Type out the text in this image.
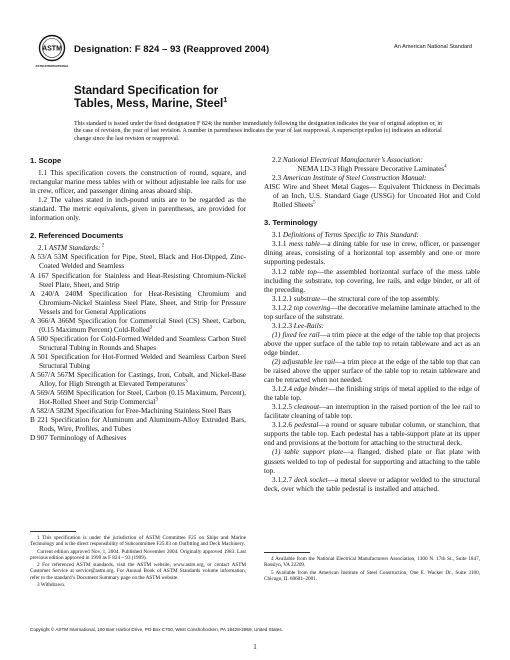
ASTM
ASTM INTERNATIONAL
Designation: F 824 – 93 (Reapproved 2004)	An American National Standard
Standard Specification for
Tables, Mess, Marine, Steel$^1$
This standard is issued under the fixed designation F 824; the number immediately following the designation indicates the year of original adoption or, in the case of revision, the year of last revision. A number in parentheses indicates the year of last reapproval. A superscript epsilon (ε) indicates an editorial change since the last revision or reapproval.

1. Scope

1.1 This specification covers the construction of round, square, and rectangular marine mess tables with or without adjustable lee rails for use in crew, officer, and passenger dining areas aboard ship.

1.2 The values stated in inch-pound units are to be regarded as the standard. The metric equivalents, given in parentheses, are provided for information only.

2. Referenced Documents

2.1 ASTM Standards: $^2$

A 53/A 53M Specification for Pipe, Steel, Black and Hot-Dipped, Zinc-Coated Welded and Seamless

A 167 Specification for Stainless and Heat-Resisting Chromium-Nickel Steel Plate, Sheet, and Strip

A 240/A 240M Specification for Heat-Resisting Chromium and Chromium-Nickel Stainless Steel Plate, Sheet, and Strip for Pressure Vessels and for General Applications

A 366/A 366M Specification for Commercial Steel (CS) Sheet, Carbon, (0.15 Maximum Percent) Cold-Rolled$^3$

A 500 Specification for Cold-Formed Welded and Seamless Carbon Steel Structural Tubing in Rounds and Shapes

A 501 Specification for Hot-Formed Welded and Seamless Carbon Steel Structural Tubing

A 567/A 567M Specification for Castings, Iron, Cobalt, and Nickel-Base Alloy, for High Strength at Elevated Temperatures$^3$

A 569/A 569M Specification for Steel, Carbon (0.15 Maximum, Percent), Hot-Rolled Sheet and Strip Commercial$^3$

A 582/A 582M Specification for Free-Machining Stainless Steel Bars

B 221 Specification for Aluminum and Aluminum-Alloy Extruded Bars, Rods, Wire, Profiles, and Tubes

D 907 Terminology of Adhesives

2.2 National Electrical Manufacturer’s Association:

NEMA LD-3 High Pressure Decorative Laminates$^4$

2.3 American Institute of Steel Construction Manual:

AISC Wire and Sheet Metal Gages— Equivalent Thickness in Decimals of an Inch, U.S. Standard Gage (USSG) for Uncoated Hot and Cold Rolled Sheets$^5$

3. Terminology

3.1 Definitions of Terms Specific to This Standard:

3.1.1 mess table—a dining table for use in crew, officer, or passenger dining areas, consisting of a horizontal top assembly and one or more supporting pedestals.

3.1.2 table top—the assembled horizontal surface of the mess table including the substrate, top covering, lee rails, and edge binder, or all of the preceding.

3.1.2.1 substrate—the structural core of the top assembly.

3.1.2.2 top covering—the decorative melamine laminate attached to the top surface of the substrate.

3.1.2.3 Lee-Rails:

(1) fixed lee rail—a trim piece at the edge of the table top that projects above the upper surface of the table top to retain tableware and act as an edge binder.

(2) adjustable lee rail—a trim piece at the edge of the table top that can be raised above the upper surface of the table top to retain tableware and can be retracted when not needed.

3.1.2.4 edge binder—the finishing strips of metal applied to the edge of the table top.

3.1.2.5 cleanout—an interruption in the raised portion of the lee rail to facilitate cleaning of table top.

3.1.2.6 pedestal—a round or square tubular column, or stanchion, that supports the table top. Each pedestal has a table-support plate at its upper end and provisions at the bottom for attaching to the structural deck.

(1) table support plate—a flanged, dished plate or flat plate with gussets welded to top of pedestal for supporting and attaching to the table top.

3.1.2.7 deck socket—a metal sleeve or adaptor welded to the structural deck, over which the table pedestal is installed and attached.

1 This specification is under the jurisdiction of ASTM Committee F25 on Ships and Marine Technology and is the direct responsibility of Subcommittee F25.03 on Outfitting and Deck Machinery.

Current edition approved Nov. 1, 2004. Published November 2004. Originally approved 1983. Last previous edition approved in 1999 as F 824 – 93 (1999).

2 For referenced ASTM standards, visit the ASTM website, www.astm.org, or contact ASTM Customer Service at service@astm.org. For Annual Book of ASTM Standards volume information, refer to the standard’s Document Summary page on the ASTM website.

3 Withdrawn.

4 Available from the National Electrical Manufacturers Association, 1300 N. 17th St., Suite 1847, Rosslyn, VA 22209.

5 Available from the American Institute of Steel Construction, One E. Wacker Dr., Suite 3100, Chicago, IL 60601–2001.

Copyright © ASTM International, 100 Barr Harbor Drive, PO Box C700, West Conshohocken, PA 19428-2959, United States.
1
